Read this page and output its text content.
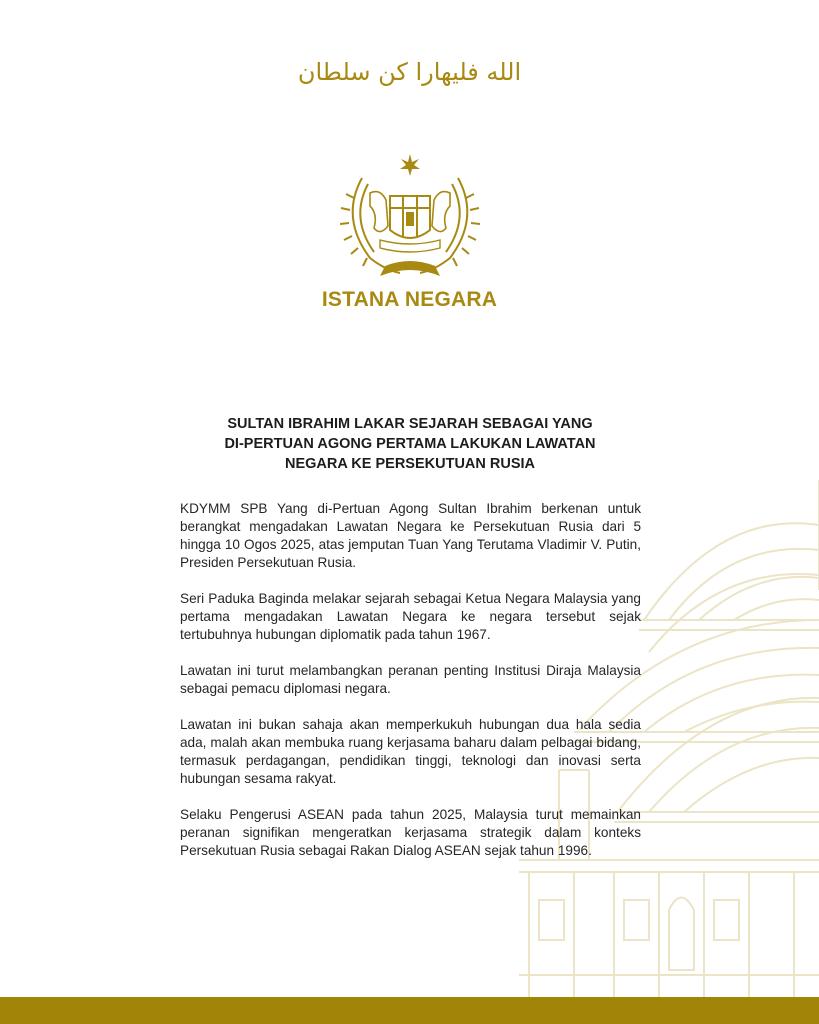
الله فليهارا كن سلطان
ISTANA NEGARA
SULTAN IBRAHIM LAKAR SEJARAH SEBAGAI YANG
DI-PERTUAN AGONG PERTAMA LAKUKAN LAWATAN
NEGARA KE PERSEKUTUAN RUSIA

KDYMM SPB Yang di-Pertuan Agong Sultan Ibrahim berkenan untuk berangkat mengadakan Lawatan Negara ke Persekutuan Rusia dari 5 hingga 10 Ogos 2025, atas jemputan Tuan Yang Terutama Vladimir V. Putin, Presiden Persekutuan Rusia.

Seri Paduka Baginda melakar sejarah sebagai Ketua Negara Malaysia yang pertama mengadakan Lawatan Negara ke negara tersebut sejak tertubuhnya hubungan diplomatik pada tahun 1967.

Lawatan ini turut melambangkan peranan penting Institusi Diraja Malaysia sebagai pemacu diplomasi negara.

Lawatan ini bukan sahaja akan memperkukuh hubungan dua hala sedia ada, malah akan membuka ruang kerjasama baharu dalam pelbagai bidang, termasuk perdagangan, pendidikan tinggi, teknologi dan inovasi serta hubungan sesama rakyat.

Selaku Pengerusi ASEAN pada tahun 2025, Malaysia turut memainkan peranan signifikan mengeratkan kerjasama strategik dalam konteks Persekutuan Rusia sebagai Rakan Dialog ASEAN sejak tahun 1996.
